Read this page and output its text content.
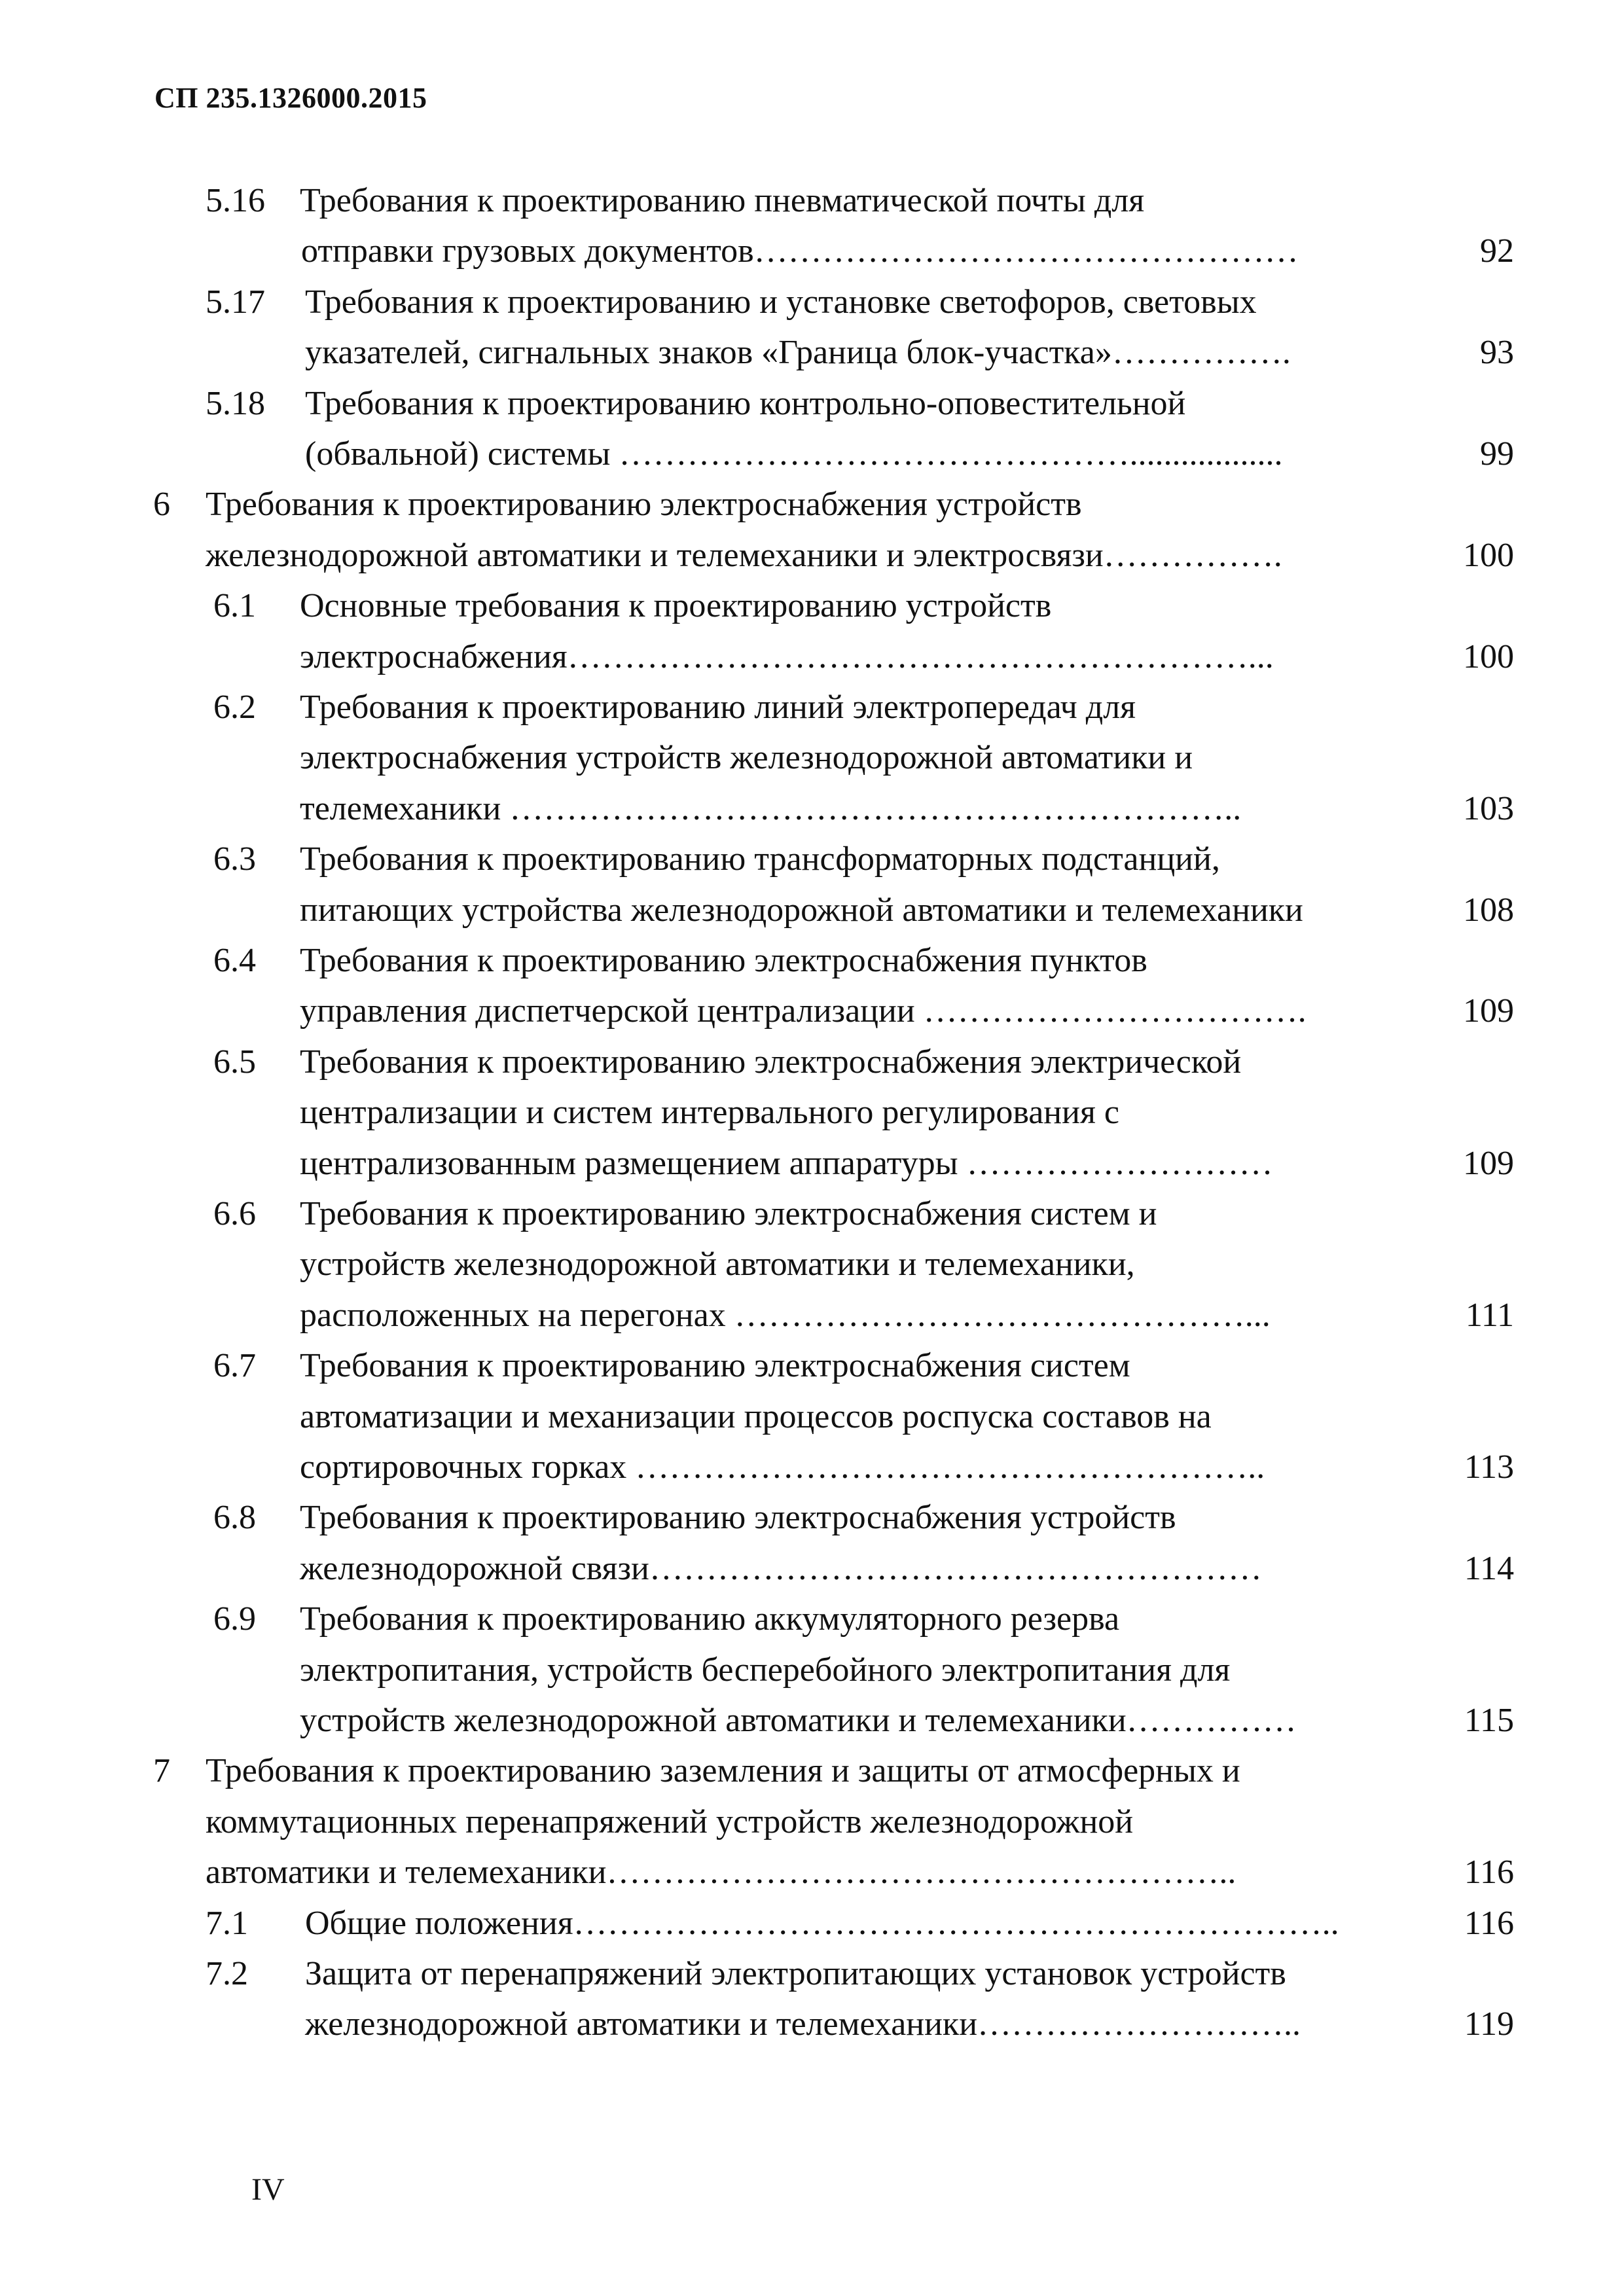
СП 235.1326000.2015
5.16 Требования к проектированию пневматической почты для
отправки грузовых документов…………………………………………	92
5.17 Требования к проектированию и установке светофоров, световых
указателей, сигнальных знаков «Граница блок-участка»…………….	93
5.18 Требования к проектированию контрольно-оповестительной
(обвальной) системы ………………………………………..................	99
6 Требования к проектированию электроснабжения устройств
железнодорожной автоматики и телемеханики и электросвязи…………….	100
6.1 Основные требования к проектированию устройств
электроснабжения……………………………………………………...	100
6.2 Требования к проектированию линий электропередач для
электроснабжения устройств железнодорожной автоматики и
телемеханики ………………………………………………………..	103
6.3 Требования к проектированию трансформаторных подстанций,
питающих устройства железнодорожной автоматики и телемеханики	108
6.4 Требования к проектированию электроснабжения пунктов
управления диспетчерской централизации …………………………….	109
6.5 Требования к проектированию электроснабжения электрической
централизации и систем интервального регулирования с
централизованным размещением аппаратуры ………………………	109
6.6 Требования к проектированию электроснабжения систем и
устройств железнодорожной автоматики и телемеханики,
расположенных на перегонах ………………………………………...	111
6.7 Требования к проектированию электроснабжения систем
автоматизации и механизации процессов роспуска составов на
сортировочных горках ………………………………………………..	113
6.8 Требования к проектированию электроснабжения устройств
железнодорожной связи………………………………………………	114
6.9 Требования к проектированию аккумуляторного резерва
электропитания, устройств бесперебойного электропитания для
устройств железнодорожной автоматики и телемеханики……………	115
7 Требования к проектированию заземления и защиты от атмосферных и
коммутационных перенапряжений устройств железнодорожной
автоматики и телемеханики………………………………………………..	116
7.1 Общие положения…………………………………………………………..	116
7.2 Защита от перенапряжений электропитающих установок устройств
железнодорожной автоматики и телемеханики………………………..	119
IV
